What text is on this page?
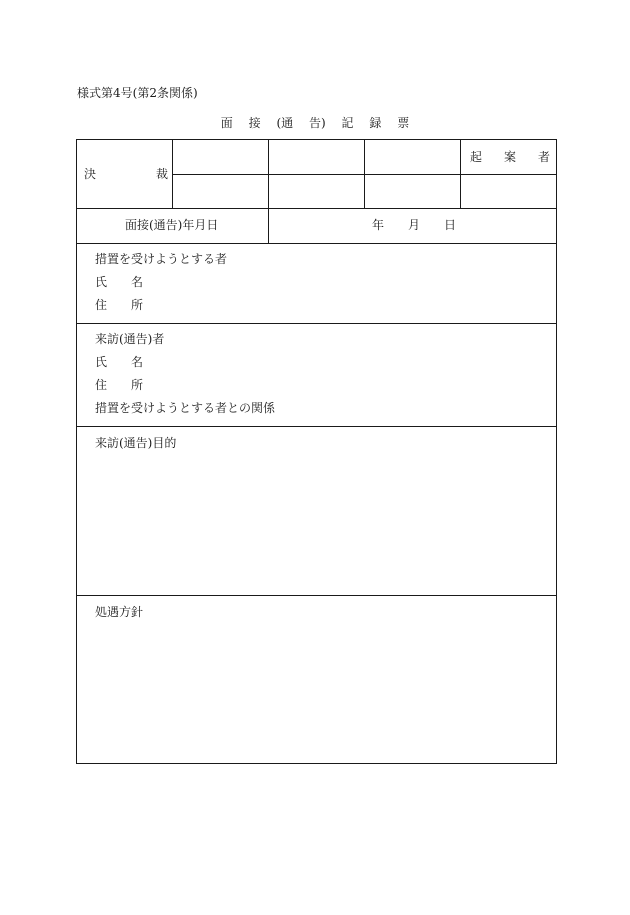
様式第4号(第2条関係)
面 接 (通 告) 記 録 票
決	裁
起 案 者
面接(通告)年月日	年 月 日
措置を受けようとする者
氏 名
住 所
来訪(通告)者
氏 名
住 所
措置を受けようとする者との関係
来訪(通告)目的
処遇方針
